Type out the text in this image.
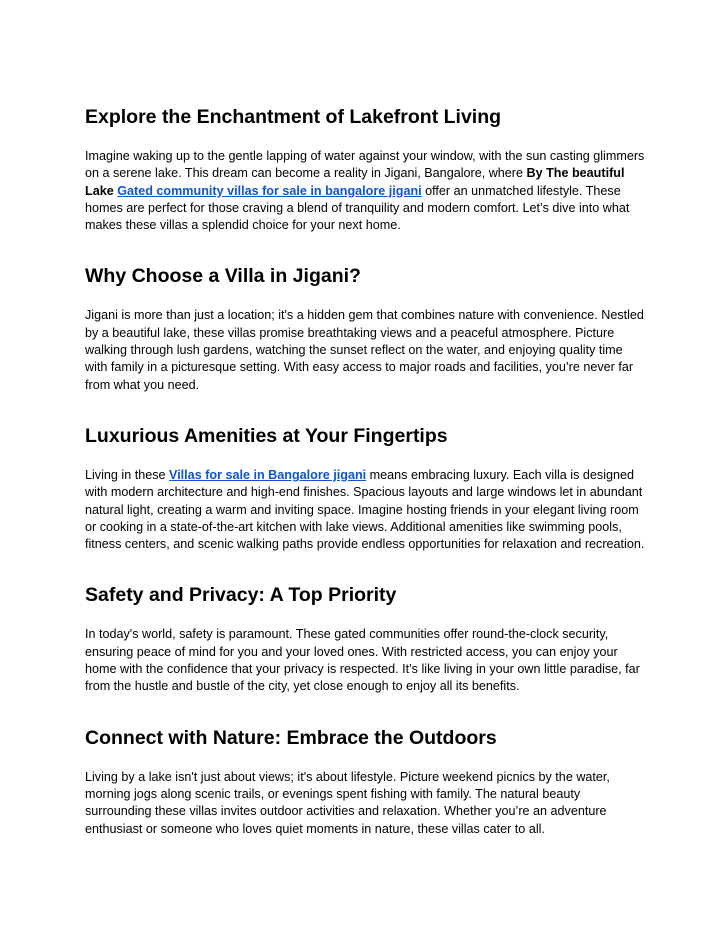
Explore the Enchantment of Lakefront Living

Imagine waking up to the gentle lapping of water against your window, with the sun casting glimmers on a serene lake. This dream can become a reality in Jigani, Bangalore, where By The beautiful Lake Gated community villas for sale in bangalore jigani offer an unmatched lifestyle. These homes are perfect for those craving a blend of tranquility and modern comfort. Let’s dive into what makes these villas a splendid choice for your next home.

Why Choose a Villa in Jigani?

Jigani is more than just a location; it's a hidden gem that combines nature with convenience. Nestled by a beautiful lake, these villas promise breathtaking views and a peaceful atmosphere. Picture walking through lush gardens, watching the sunset reflect on the water, and enjoying quality time with family in a picturesque setting. With easy access to major roads and facilities, you’re never far from what you need.

Luxurious Amenities at Your Fingertips

Living in these Villas for sale in Bangalore jigani means embracing luxury. Each villa is designed with modern architecture and high-end finishes. Spacious layouts and large windows let in abundant natural light, creating a warm and inviting space. Imagine hosting friends in your elegant living room or cooking in a state-of-the-art kitchen with lake views. Additional amenities like swimming pools, fitness centers, and scenic walking paths provide endless opportunities for relaxation and recreation.

Safety and Privacy: A Top Priority

In today's world, safety is paramount. These gated communities offer round-the-clock security, ensuring peace of mind for you and your loved ones. With restricted access, you can enjoy your home with the confidence that your privacy is respected. It’s like living in your own little paradise, far from the hustle and bustle of the city, yet close enough to enjoy all its benefits.

Connect with Nature: Embrace the Outdoors

Living by a lake isn't just about views; it's about lifestyle. Picture weekend picnics by the water, morning jogs along scenic trails, or evenings spent fishing with family. The natural beauty surrounding these villas invites outdoor activities and relaxation. Whether you’re an adventure enthusiast or someone who loves quiet moments in nature, these villas cater to all.
